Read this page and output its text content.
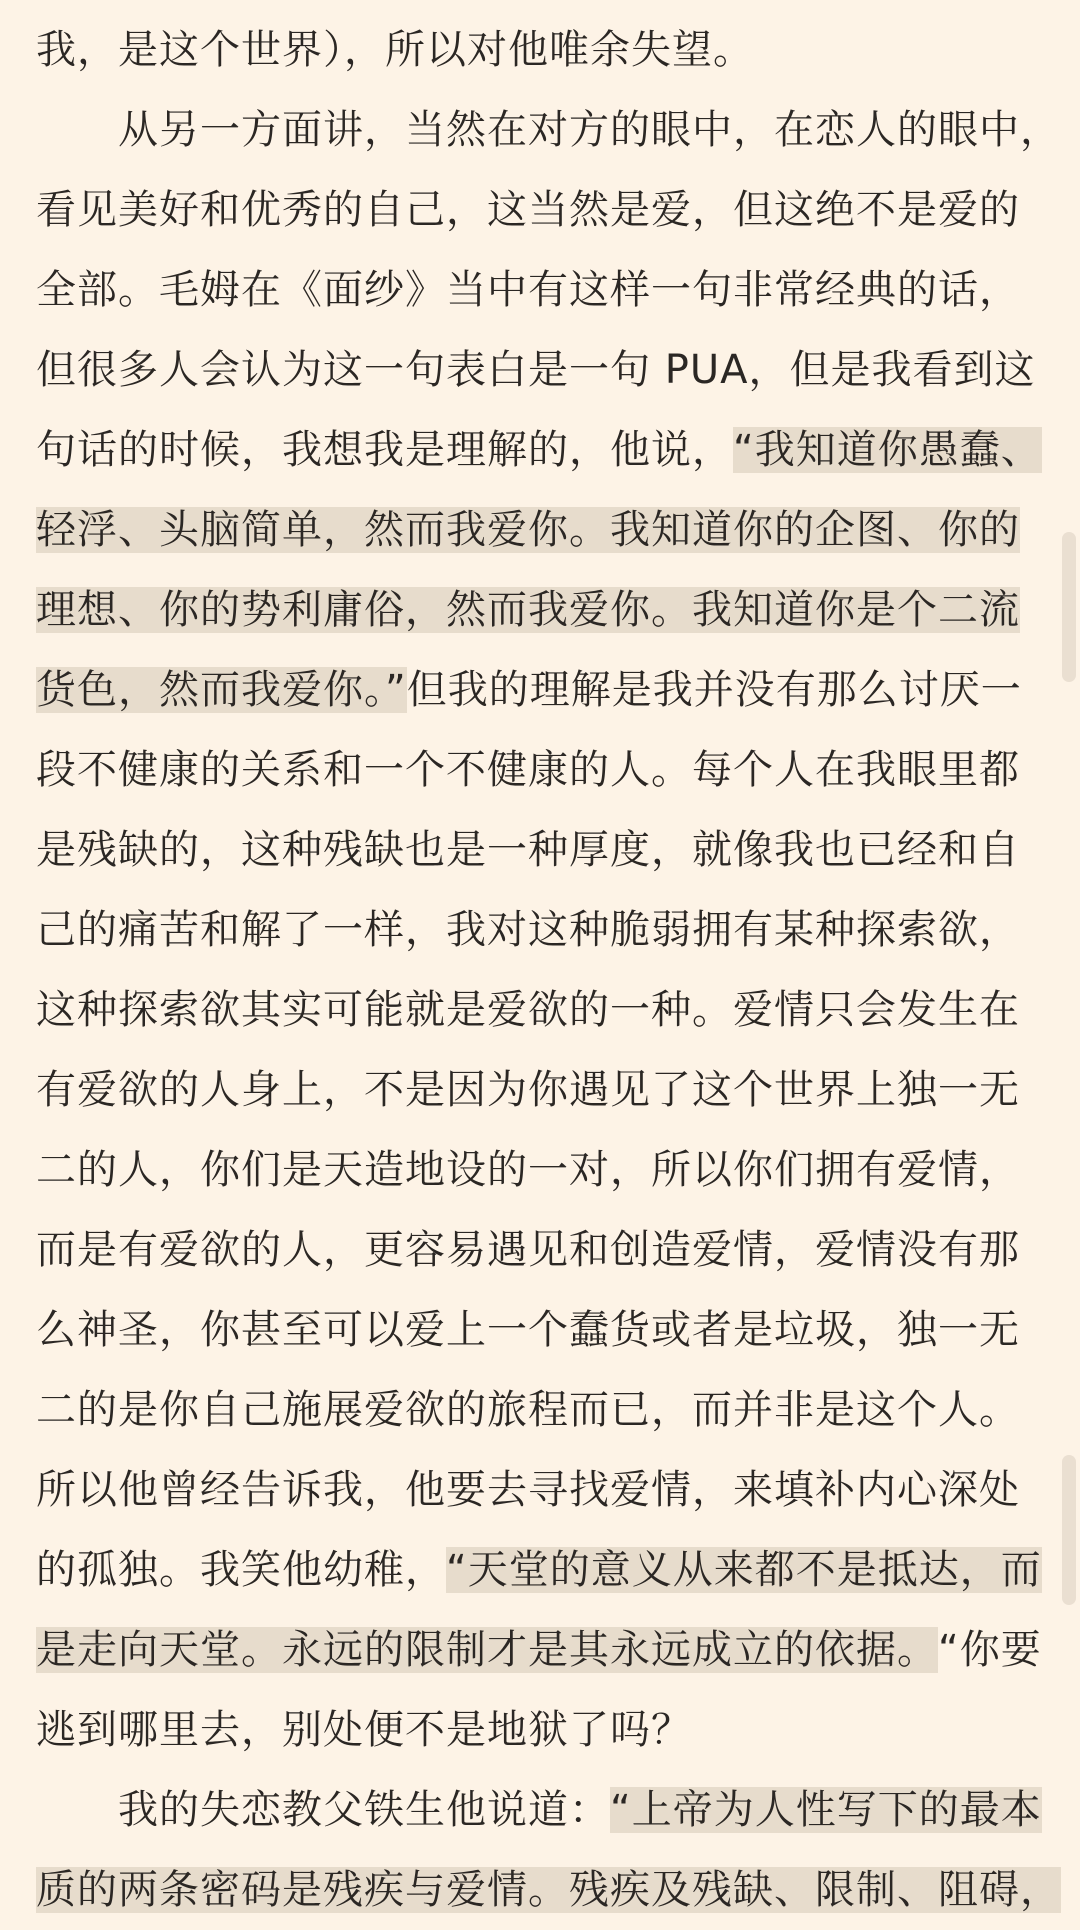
我，是这个世界），所以对他唯余失望。
从另一方面讲，当然在对方的眼中，在恋人的眼中，
看见美好和优秀的自己，这当然是爱，但这绝不是爱的
全部。毛姆在《面纱》当中有这样一句非常经典的话，
但很多人会认为这一句表白是一句 PUA，但是我看到这
句话的时候，我想我是理解的，他说，“我知道你愚蠢、
轻浮、头脑简单，然而我爱你。我知道你的企图、你的
理想、你的势利庸俗，然而我爱你。我知道你是个二流
货色，然而我爱你。”但我的理解是我并没有那么讨厌一
段不健康的关系和一个不健康的人。每个人在我眼里都
是残缺的，这种残缺也是一种厚度，就像我也已经和自
己的痛苦和解了一样，我对这种脆弱拥有某种探索欲，
这种探索欲其实可能就是爱欲的一种。爱情只会发生在
有爱欲的人身上，不是因为你遇见了这个世界上独一无
二的人，你们是天造地设的一对，所以你们拥有爱情，
而是有爱欲的人，更容易遇见和创造爱情，爱情没有那
么神圣，你甚至可以爱上一个蠢货或者是垃圾，独一无
二的是你自己施展爱欲的旅程而已，而并非是这个人。
所以他曾经告诉我，他要去寻找爱情，来填补内心深处
的孤独。我笑他幼稚，“天堂的意义从来都不是抵达，而
是走向天堂。永远的限制才是其永远成立的依据。“你要
逃到哪里去，别处便不是地狱了吗？
我的失恋教父铁生他说道：“上帝为人性写下的最本
质的两条密码是残疾与爱情。残疾及残缺、限制、阻碍，
